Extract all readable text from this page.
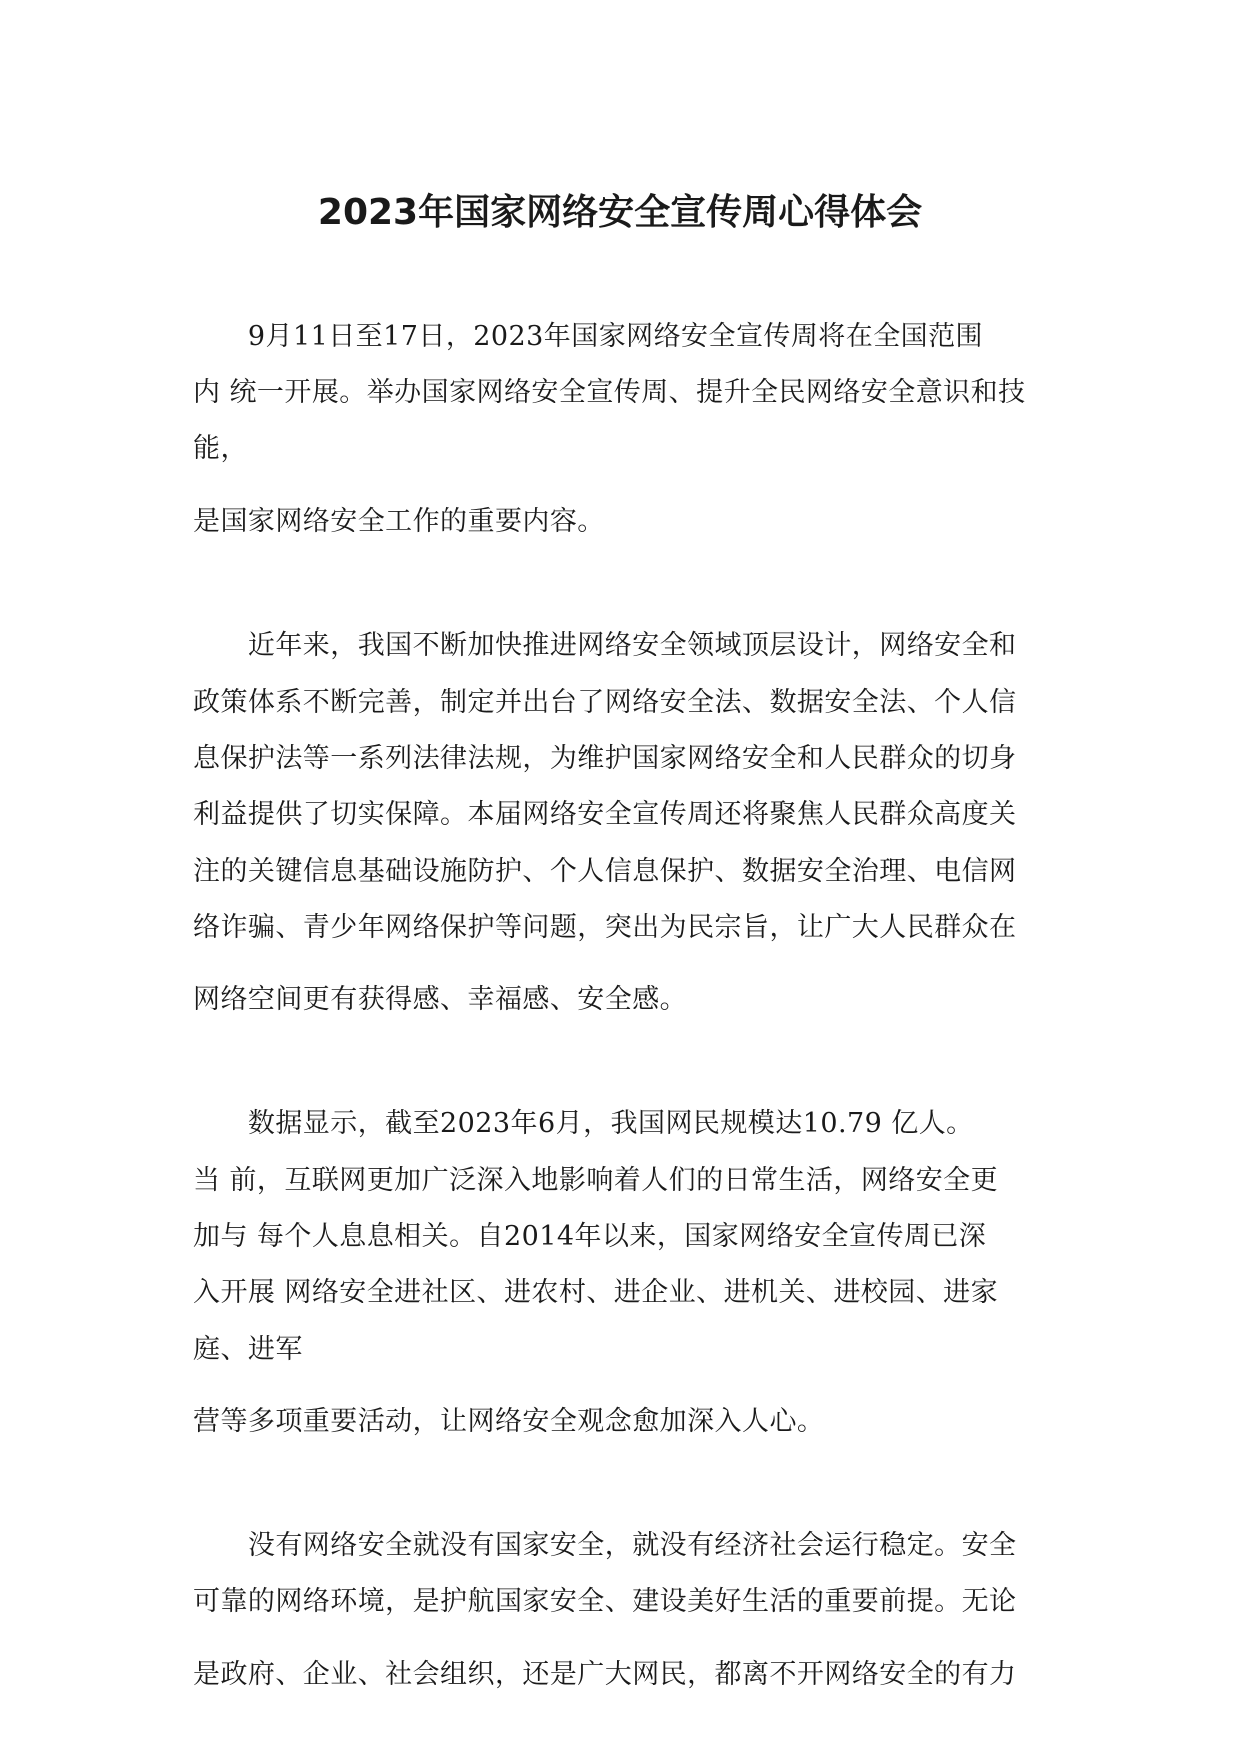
2023年国家网络安全宣传周心得体会
　　9月11日至17日，2023年国家网络安全宣传周将在全国范围
内 统一开展。举办国家网络安全宣传周、提升全民网络安全意识和技
能，
是国家网络安全工作的重要内容。
　　近年来，我国不断加快推进网络安全领域顶层设计，网络安全和
政策体系不断完善，制定并出台了网络安全法、数据安全法、个人信
息保护法等一系列法律法规，为维护国家网络安全和人民群众的切身
利益提供了切实保障。本届网络安全宣传周还将聚焦人民群众高度关
注的关键信息基础设施防护、个人信息保护、数据安全治理、电信网
络诈骗、青少年网络保护等问题，突出为民宗旨，让广大人民群众在
网络空间更有获得感、幸福感、安全感。
　　数据显示，截至2023年6月，我国网民规模达10.79 亿人。
当 前，互联网更加广泛深入地影响着人们的日常生活，网络安全更
加与 每个人息息相关。自2014年以来，国家网络安全宣传周已深
入开展 网络安全进社区、进农村、进企业、进机关、进校园、进家
庭、进军
营等多项重要活动，让网络安全观念愈加深入人心。
　　没有网络安全就没有国家安全，就没有经济社会运行稳定。安全
可靠的网络环境，是护航国家安全、建设美好生活的重要前提。无论
是政府、企业、社会组织，还是广大网民，都离不开网络安全的有力
